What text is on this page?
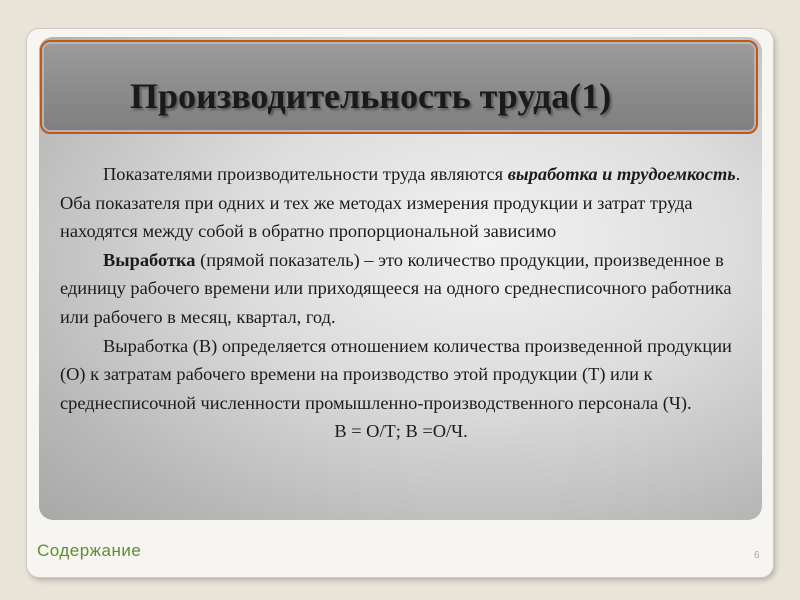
Производительность труда(1)

Показателями производительности труда являются выработка и трудоемкость. Оба показателя при одних и тех же методах измерения продукции и затрат труда находятся между собой в обратно пропорциональной зависимо

Выработка (прямой показатель) – это количество продукции, произведенное в единицу рабочего времени или приходящееся на одного среднесписочного работника или рабочего в месяц, квартал, год.

Выработка (В) определяется отношением количества произведенной продукции (О) к затратам рабочего времени на производство этой продукции (Т) или к среднесписочной численности промышленно-производственного персонала (Ч).

В = О/Т; В =О/Ч.

Содержание	6
